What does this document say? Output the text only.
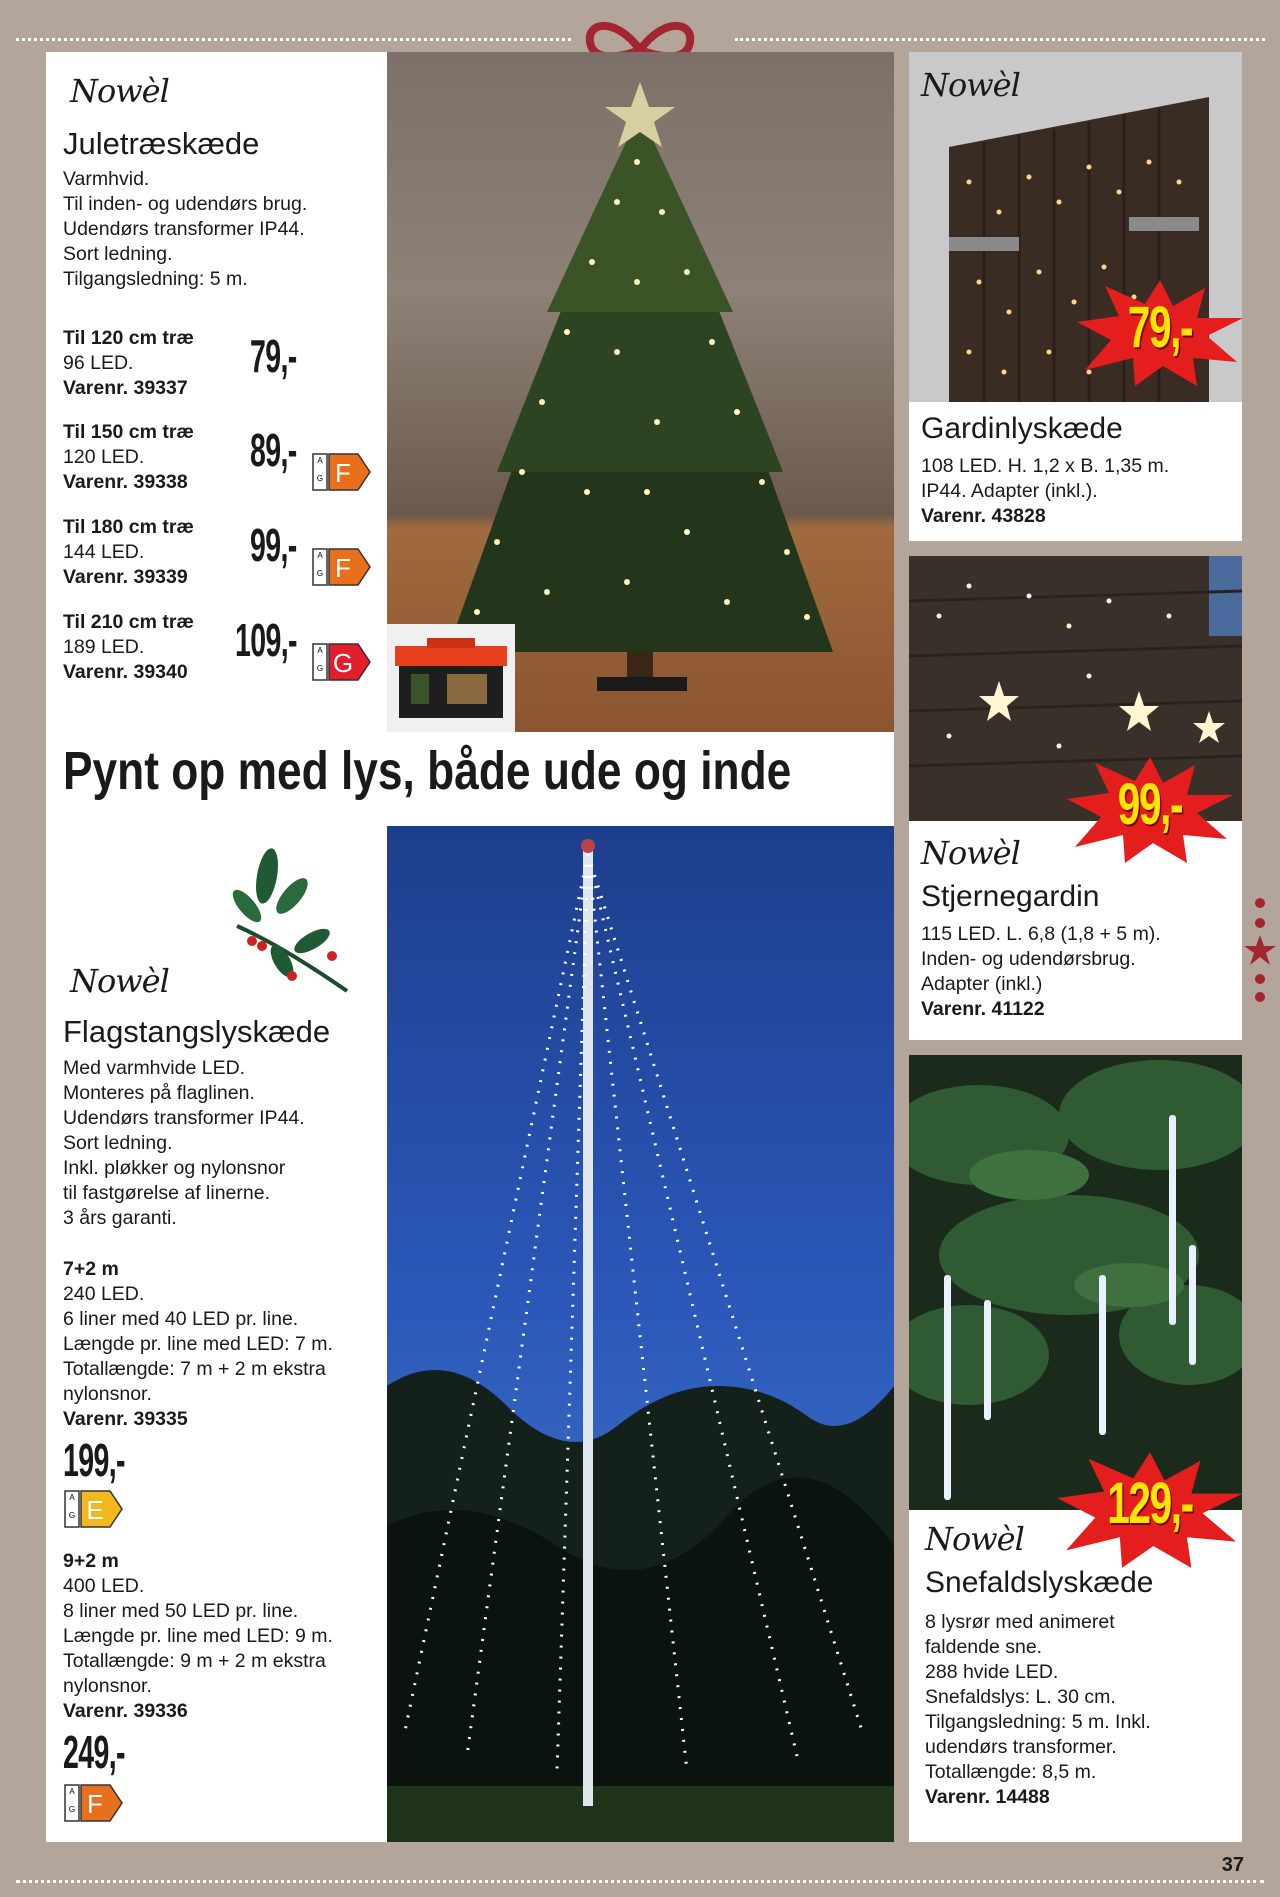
Nowèl
Juletræskæde
Varmhvid.
Til inden- og udendørs brug.
Udendørs transformer IP44.
Sort ledning.
Tilgangsledning: 5 m.
Til 120 cm træ
96 LED.
Varenr. 39337
79,-
Til 150 cm træ
120 LED.
Varenr. 39338
89,-
Til 180 cm træ
144 LED.
Varenr. 39339
99,-
Til 210 cm træ
189 LED.
Varenr. 39340
109,-
G
A F
G
A F
G
A G
Pynt op med lys, både ude og inde
Nowèl
Flagstangslyskæde
Med varmhvide LED.
Monteres på flaglinen.
Udendørs transformer IP44.
Sort ledning.
Inkl. pløkker og nylonsnor
til fastgørelse af linerne.
3 års garanti.
7+2 m
240 LED.
6 liner med 40 LED pr. line.
Længde pr. line med LED: 7 m.
Totallængde: 7 m + 2 m ekstra
nylonsnor.
Varenr. 39335
199,-
G
A E
9+2 m
400 LED.
8 liner med 50 LED pr. line.
Længde pr. line med LED: 9 m.
Totallængde: 9 m + 2 m ekstra
nylonsnor.
Varenr. 39336
249,-
G
A F
Nowèl
Gardinlyskæde
108 LED. H. 1,2 x B. 1,35 m.
IP44. Adapter (inkl.).
Varenr. 43828
79,-
Nowèl
Stjernegardin
115 LED. L. 6,8 (1,8 + 5 m).
Inden- og udendørsbrug.
Adapter (inkl.)
Varenr. 41122
99,-
Nowèl
Snefaldslyskæde
8 lysrør med animeret
faldende sne.
288 hvide LED.
Snefaldslys: L. 30 cm.
Tilgangsledning: 5 m. Inkl.
udendørs transformer.
Totallængde: 8,5 m.
Varenr. 14488
129,-
37
